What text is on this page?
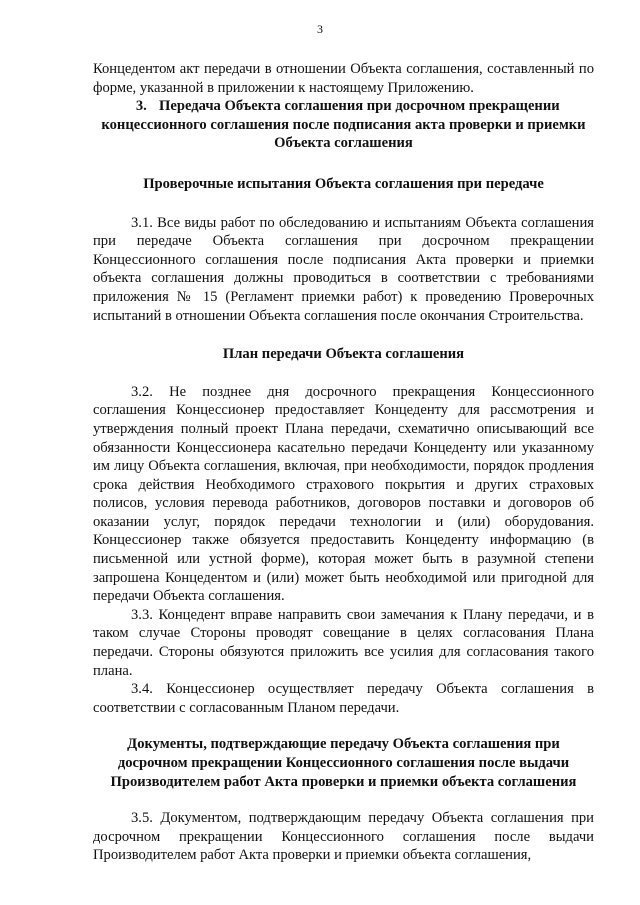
3

Концедентом акт передачи в отношении Объекта соглашения, составленный по форме, указанной в приложении к настоящему Приложению.

3. Передача Объекта соглашения при досрочном прекращении концессионного соглашения после подписания акта проверки и приемки Объекта соглашения
Проверочные испытания Объекта соглашения при передаче

3.1. Все виды работ по обследованию и испытаниям Объекта соглашения при передаче Объекта соглашения при досрочном прекращении Концессионного соглашения после подписания Акта проверки и приемки объекта соглашения должны проводиться в соответствии с требованиями приложения № 15 (Регламент приемки работ) к проведению Проверочных испытаний в отношении Объекта соглашения после окончания Строительства.

План передачи Объекта соглашения

3.2. Не позднее дня досрочного прекращения Концессионного соглашения Концессионер предоставляет Концеденту для рассмотрения и утверждения полный проект Плана передачи, схематично описывающий все обязанности Концессионера касательно передачи Концеденту или указанному им лицу Объекта соглашения, включая, при необходимости, порядок продления срока действия Необходимого страхового покрытия и других страховых полисов, условия перевода работников, договоров поставки и договоров об оказании услуг, порядок передачи технологии и (или) оборудования. Концессионер также обязуется предоставить Концеденту информацию (в письменной или устной форме), которая может быть в разумной степени запрошена Концедентом и (или) может быть необходимой или пригодной для передачи Объекта соглашения.

3.3. Концедент вправе направить свои замечания к Плану передачи, и в таком случае Стороны проводят совещание в целях согласования Плана передачи. Стороны обязуются приложить все усилия для согласования такого плана.

3.4. Концессионер осуществляет передачу Объекта соглашения в соответствии с согласованным Планом передачи.

Документы, подтверждающие передачу Объекта соглашения при досрочном прекращении Концессионного соглашения после выдачи Производителем работ Акта проверки и приемки объекта соглашения

3.5. Документом, подтверждающим передачу Объекта соглашения при досрочном прекращении Концессионного соглашения после выдачи Производителем работ Акта проверки и приемки объекта соглашения,
